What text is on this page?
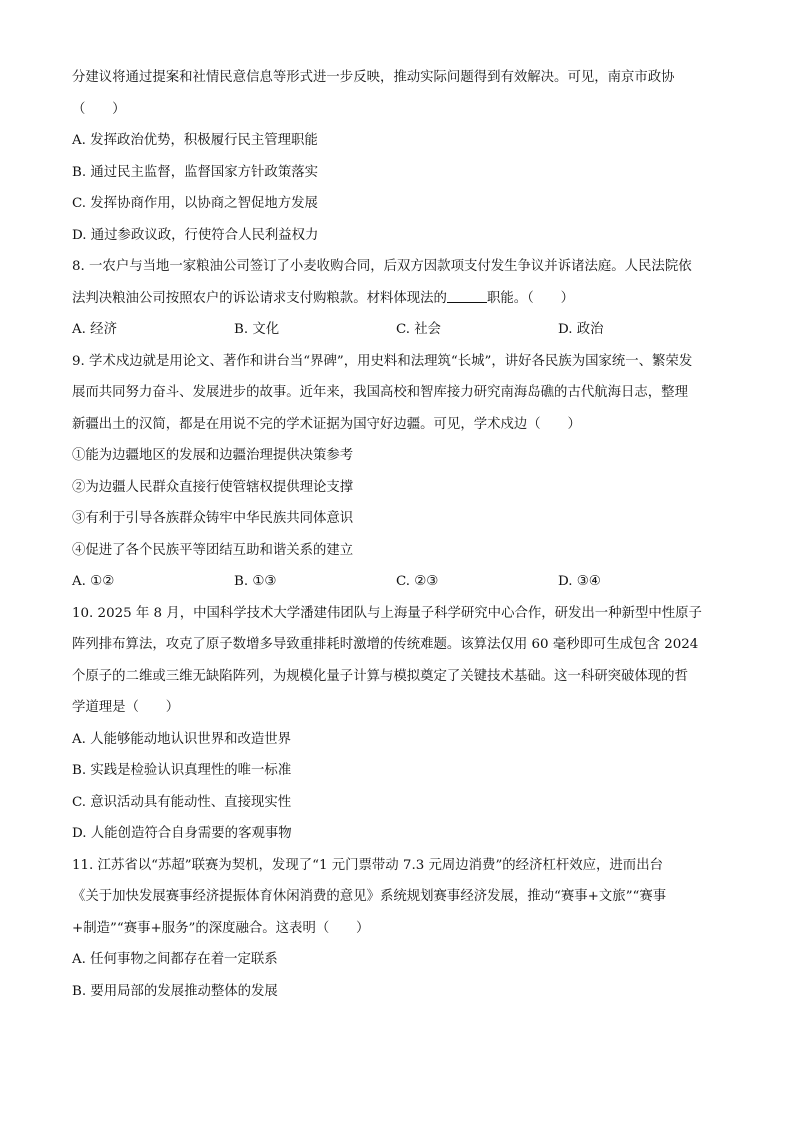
分建议将通过提案和社情民意信息等形式进一步反映，推动实际问题得到有效解决。可见，南京市政协
（　　）
A. 发挥政治优势，积极履行民主管理职能
B. 通过民主监督，监督国家方针政策落实
C. 发挥协商作用，以协商之智促地方发展
D. 通过参政议政，行使符合人民利益权力
8. 一农户与当地一家粮油公司签订了小麦收购合同，后双方因款项支付发生争议并诉诸法庭。人民法院依
法判决粮油公司按照农户的诉讼请求支付购粮款。材料体现法的	职能。（　　）
A. 经济	B. 文化	C. 社会	D. 政治
9. 学术戍边就是用论文、著作和讲台当“界碑”，用史料和法理筑“长城”，讲好各民族为国家统一、繁荣发
展而共同努力奋斗、发展进步的故事。近年来，我国高校和智库接力研究南海岛礁的古代航海日志，整理
新疆出土的汉简，都是在用说不完的学术证据为国守好边疆。可见，学术戍边（　　）
①能为边疆地区的发展和边疆治理提供决策参考
②为边疆人民群众直接行使管辖权提供理论支撑
③有利于引导各族群众铸牢中华民族共同体意识
④促进了各个民族平等团结互助和谐关系的建立
A. ①②	B. ①③	C. ②③	D. ③④
10. 2025 年 8 月，中国科学技术大学潘建伟团队与上海量子科学研究中心合作，研发出一种新型中性原子
阵列排布算法，攻克了原子数增多导致重排耗时激增的传统难题。该算法仅用 60 毫秒即可生成包含 2024
个原子的二维或三维无缺陷阵列，为规模化量子计算与模拟奠定了关键技术基础。这一科研突破体现的哲
学道理是（　　）
A. 人能够能动地认识世界和改造世界
B. 实践是检验认识真理性的唯一标准
C. 意识活动具有能动性、直接现实性
D. 人能创造符合自身需要的客观事物
11. 江苏省以“苏超”联赛为契机，发现了“1 元门票带动 7.3 元周边消费”的经济杠杆效应，进而出台
《关于加快发展赛事经济提振体育休闲消费的意见》系统规划赛事经济发展，推动“赛事+文旅”“赛事
+制造”“赛事+服务”的深度融合。这表明（　　）
A. 任何事物之间都存在着一定联系
B. 要用局部的发展推动整体的发展
